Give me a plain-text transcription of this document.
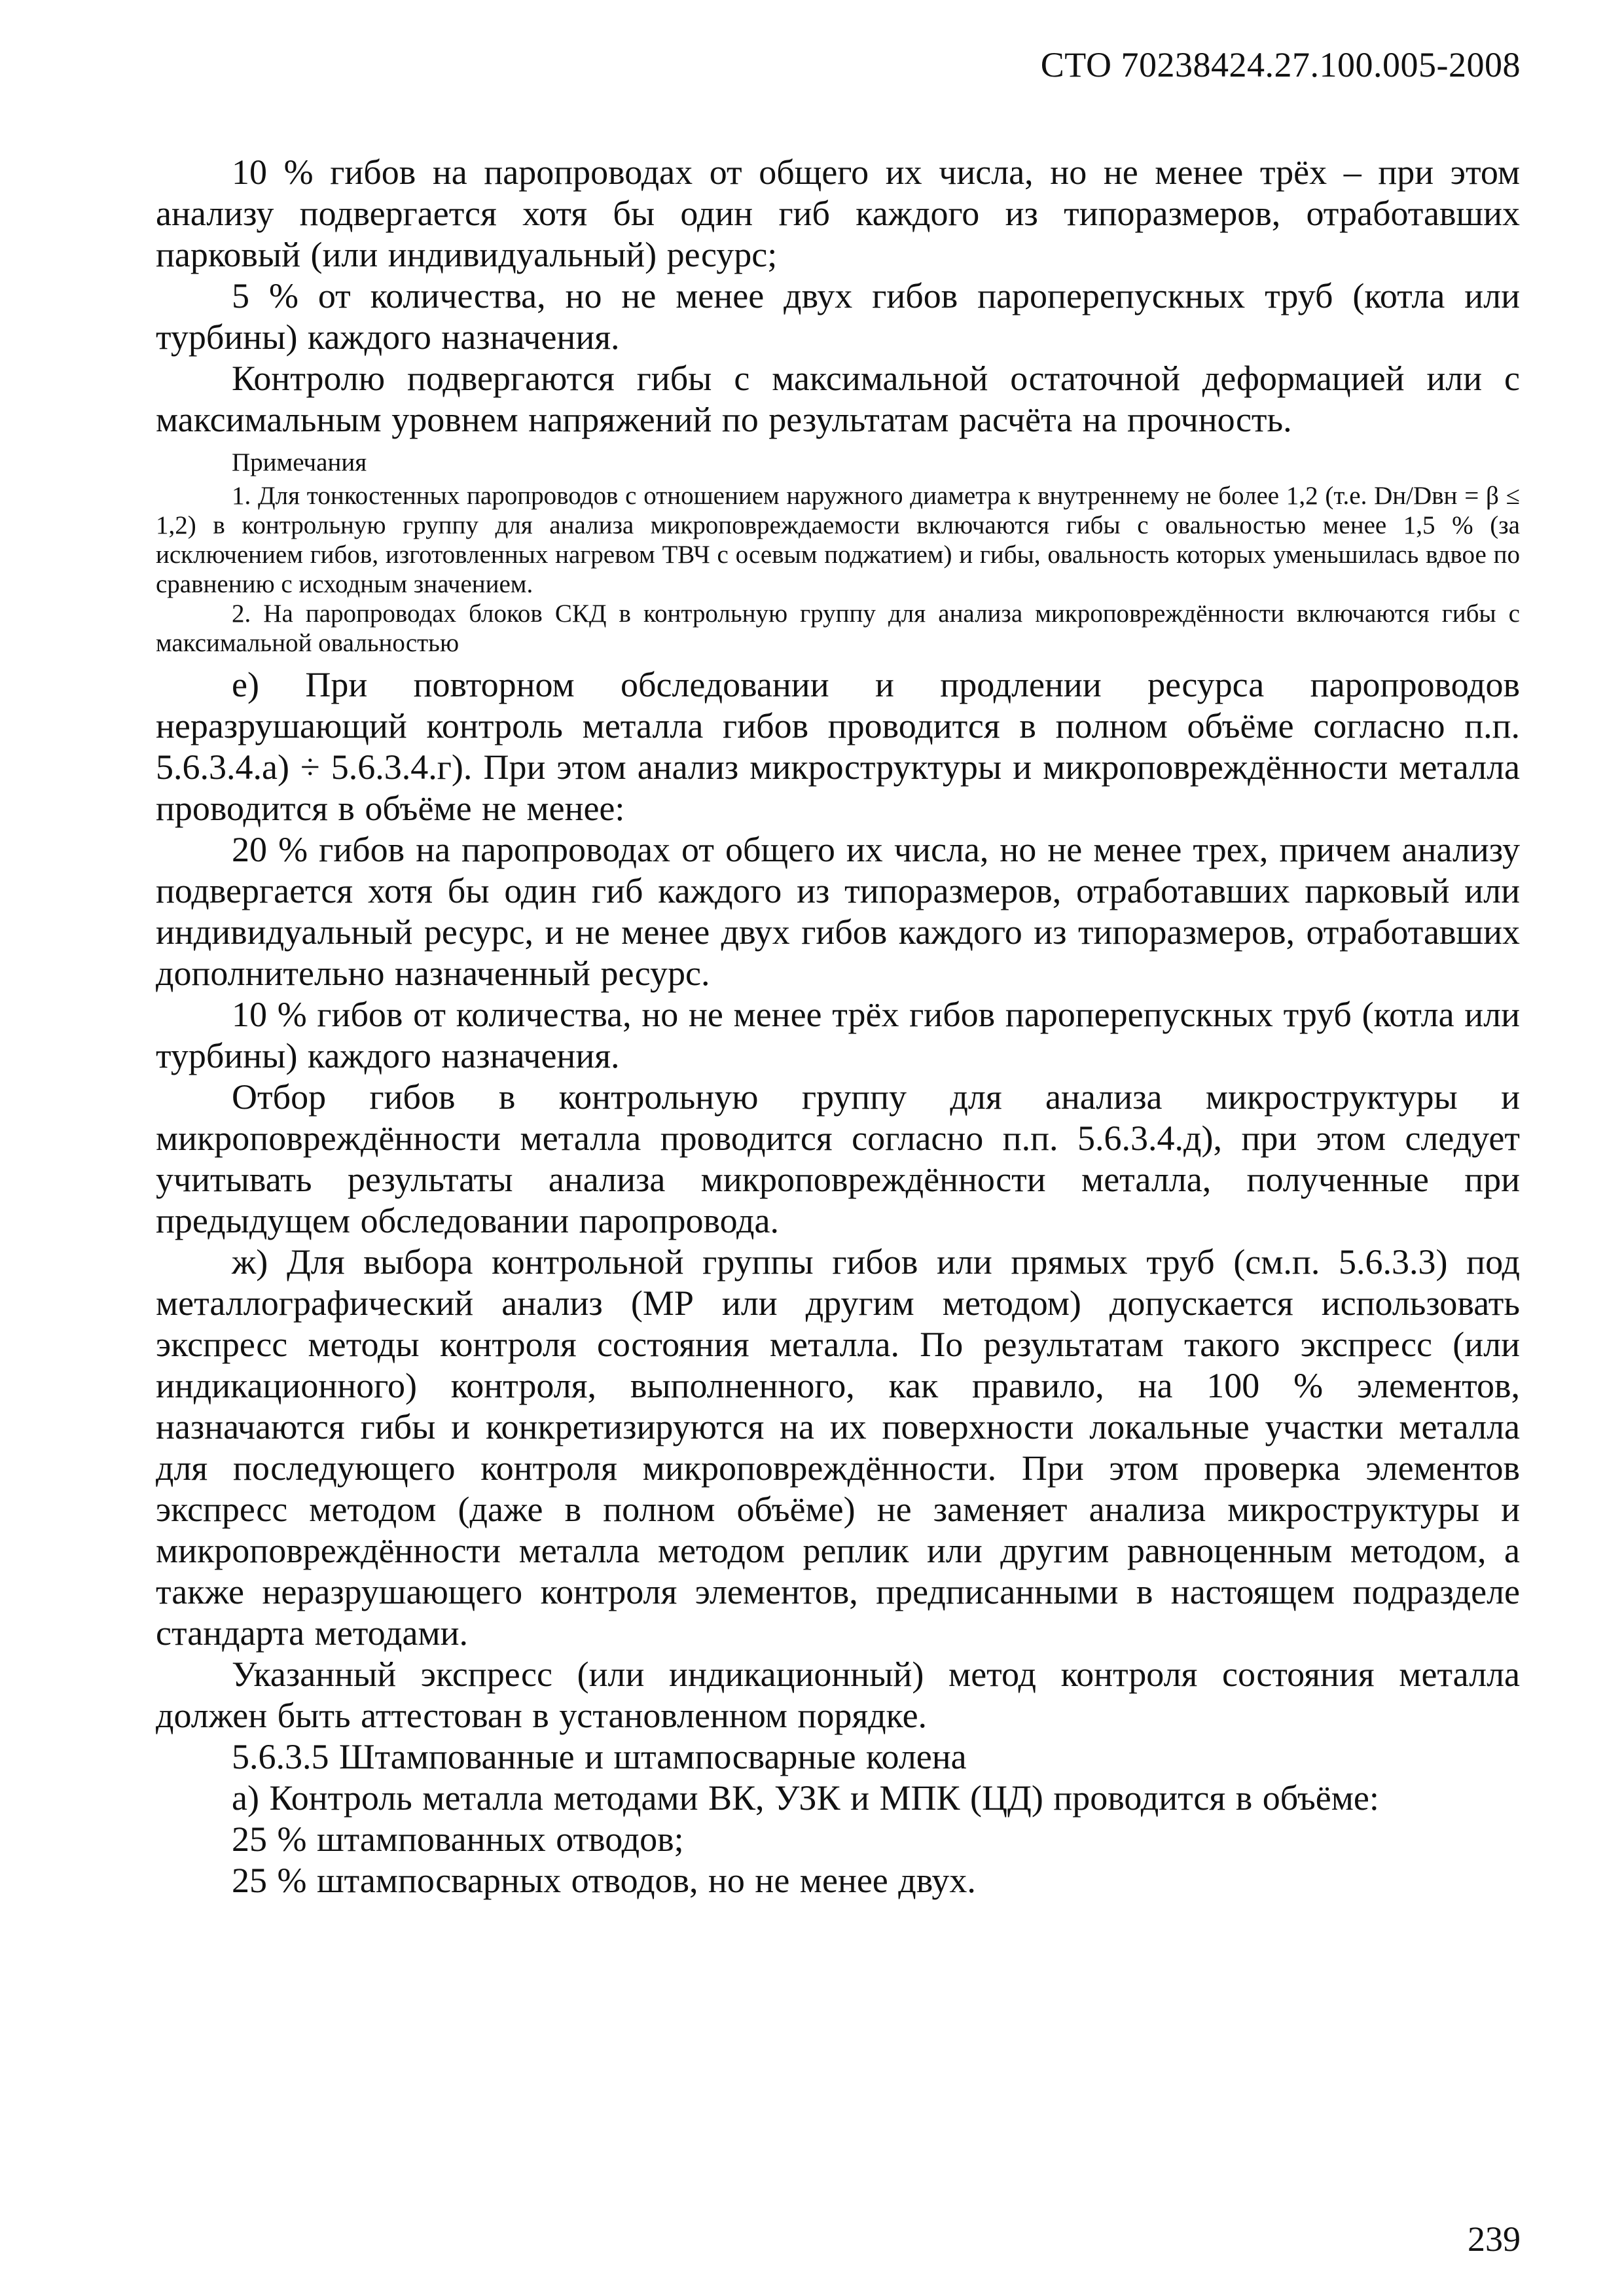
СТО 70238424.27.100.005-2008

10 % гибов на паропроводах от общего их числа, но не менее трёх – при этом анализу подвергается хотя бы один гиб каждого из типоразмеров, отработавших парковый (или индивидуальный) ресурс;

5 % от количества, но не менее двух гибов пароперепускных труб (котла или турбины) каждого назначения.

Контролю подвергаются гибы с максимальной остаточной деформацией или с максимальным уровнем напряжений по результатам расчёта на прочность.

Примечания

1. Для тонкостенных паропроводов с отношением наружного диаметра к внутреннему не более 1,2 (т.е. Dн/Dвн = β ≤ 1,2) в контрольную группу для анализа микроповреждаемости включаются гибы с овальностью менее 1,5 % (за исключением гибов, изготовленных нагревом ТВЧ с осевым поджатием) и гибы, овальность которых уменьшилась вдвое по сравнению с исходным значением.

2. На паропроводах блоков СКД в контрольную группу для анализа микроповреждённости включаются гибы с максимальной овальностью

е) При повторном обследовании и продлении ресурса паропроводов неразрушающий контроль металла гибов проводится в полном объёме согласно п.п. 5.6.3.4.а) ÷ 5.6.3.4.г). При этом анализ микроструктуры и микроповреждённости металла проводится в объёме не менее:

20 % гибов на паропроводах от общего их числа, но не менее трех, причем анализу подвергается хотя бы один гиб каждого из типоразмеров, отработавших парковый или индивидуальный ресурс, и не менее двух гибов каждого из типоразмеров, отработавших дополнительно назначенный ресурс.

10 % гибов от количества, но не менее трёх гибов пароперепускных труб (котла или турбины) каждого назначения.

Отбор гибов в контрольную группу для анализа микроструктуры и микроповреждённости металла проводится согласно п.п. 5.6.3.4.д), при этом следует учитывать результаты анализа микроповреждённости металла, полученные при предыдущем обследовании паропровода.

ж) Для выбора контрольной группы гибов или прямых труб (см.п. 5.6.3.3) под металлографический анализ (МР или другим методом) допускается использовать экспресс методы контроля состояния металла. По результатам такого экспресс (или индикационного) контроля, выполненного, как правило, на 100 % элементов, назначаются гибы и конкретизируются на их поверхности локальные участки металла для последующего контроля микроповреждённости. При этом проверка элементов экспресс методом (даже в полном объёме) не заменяет анализа микроструктуры и микроповреждённости металла методом реплик или другим равноценным методом, а также неразрушающего контроля элементов, предписанными в настоящем подразделе стандарта методами.

Указанный экспресс (или индикационный) метод контроля состояния металла должен быть аттестован в установленном порядке.

5.6.3.5 Штампованные и штампосварные колена

а) Контроль металла методами ВК, УЗК и МПК (ЦД) проводится в объёме:

25 % штампованных отводов;

25 % штампосварных отводов, но не менее двух.

239
